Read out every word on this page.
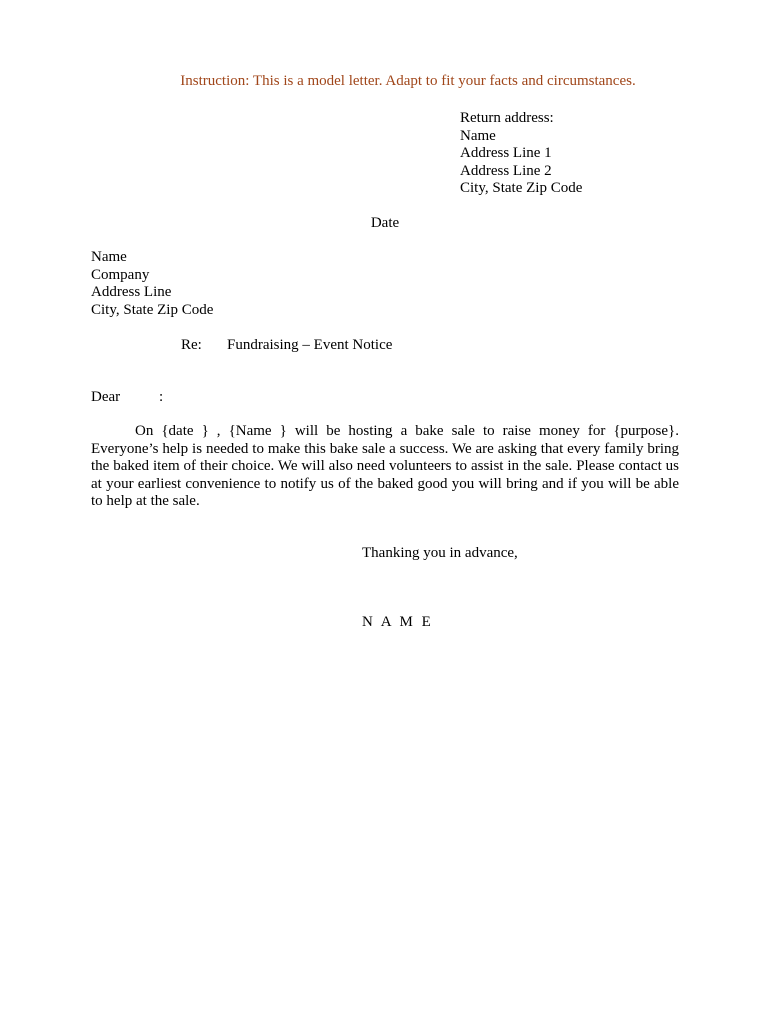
Instruction: This is a model letter. Adapt to fit your facts and circumstances.
Return address:
Name
Address Line 1
Address Line 2
City, State Zip Code
Date
Name
Company
Address Line
City, State Zip Code
Re: Fundraising – Event Notice
Dear	:
On {date } , {Name } will be hosting a bake sale to raise money for {purpose}. Everyone’s help is needed to make this bake sale a success. We are asking that every family bring the baked item of their choice. We will also need volunteers to assist in the sale. Please contact us at your earliest convenience to notify us of the baked good you will bring and if you will be able to help at the sale.
Thanking you in advance,
N A M E
